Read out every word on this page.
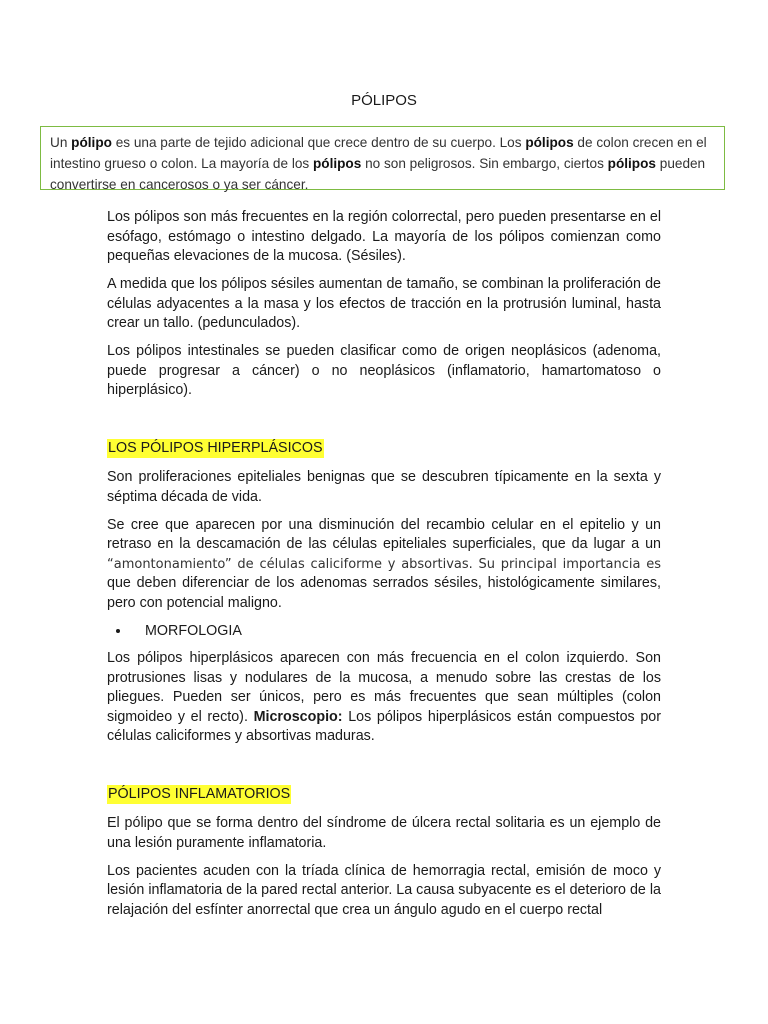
PÓLIPOS
Un pólipo es una parte de tejido adicional que crece dentro de su cuerpo. Los pólipos de colon crecen en el intestino grueso o colon. La mayoría de los pólipos no son peligrosos. Sin embargo, ciertos pólipos pueden convertirse en cancerosos o ya ser cáncer.

Los pólipos son más frecuentes en la región colorrectal, pero pueden presentarse en el esófago, estómago o intestino delgado. La mayoría de los pólipos comienzan como pequeñas elevaciones de la mucosa. (Sésiles).

A medida que los pólipos sésiles aumentan de tamaño, se combinan la proliferación de células adyacentes a la masa y los efectos de tracción en la protrusión luminal, hasta crear un tallo. (pedunculados).

Los pólipos intestinales se pueden clasificar como de origen neoplásicos (adenoma, puede progresar a cáncer) o no neoplásicos (inflamatorio, hamartomatoso o hiperplásico).

LOS PÓLIPOS HIPERPLÁSICOS

Son proliferaciones epiteliales benignas que se descubren típicamente en la sexta y séptima década de vida.

Se cree que aparecen por una disminución del recambio celular en el epitelio y un retraso en la descamación de las células epiteliales superficiales, que da lugar a un “amontonamiento” de células caliciforme y absortivas. Su principal importancia es que deben diferenciar de los adenomas serrados sésiles, histológicamente similares, pero con potencial maligno.

• MORFOLOGIA

Los pólipos hiperplásicos aparecen con más frecuencia en el colon izquierdo. Son protrusiones lisas y nodulares de la mucosa, a menudo sobre las crestas de los pliegues. Pueden ser únicos, pero es más frecuentes que sean múltiples (colon sigmoideo y el recto). Microscopio: Los pólipos hiperplásicos están compuestos por células caliciformes y absortivas maduras.

PÓLIPOS INFLAMATORIOS

El pólipo que se forma dentro del síndrome de úlcera rectal solitaria es un ejemplo de una lesión puramente inflamatoria.

Los pacientes acuden con la tríada clínica de hemorragia rectal, emisión de moco y lesión inflamatoria de la pared rectal anterior. La causa subyacente es el deterioro de la relajación del esfínter anorrectal que crea un ángulo agudo en el cuerpo rectal
